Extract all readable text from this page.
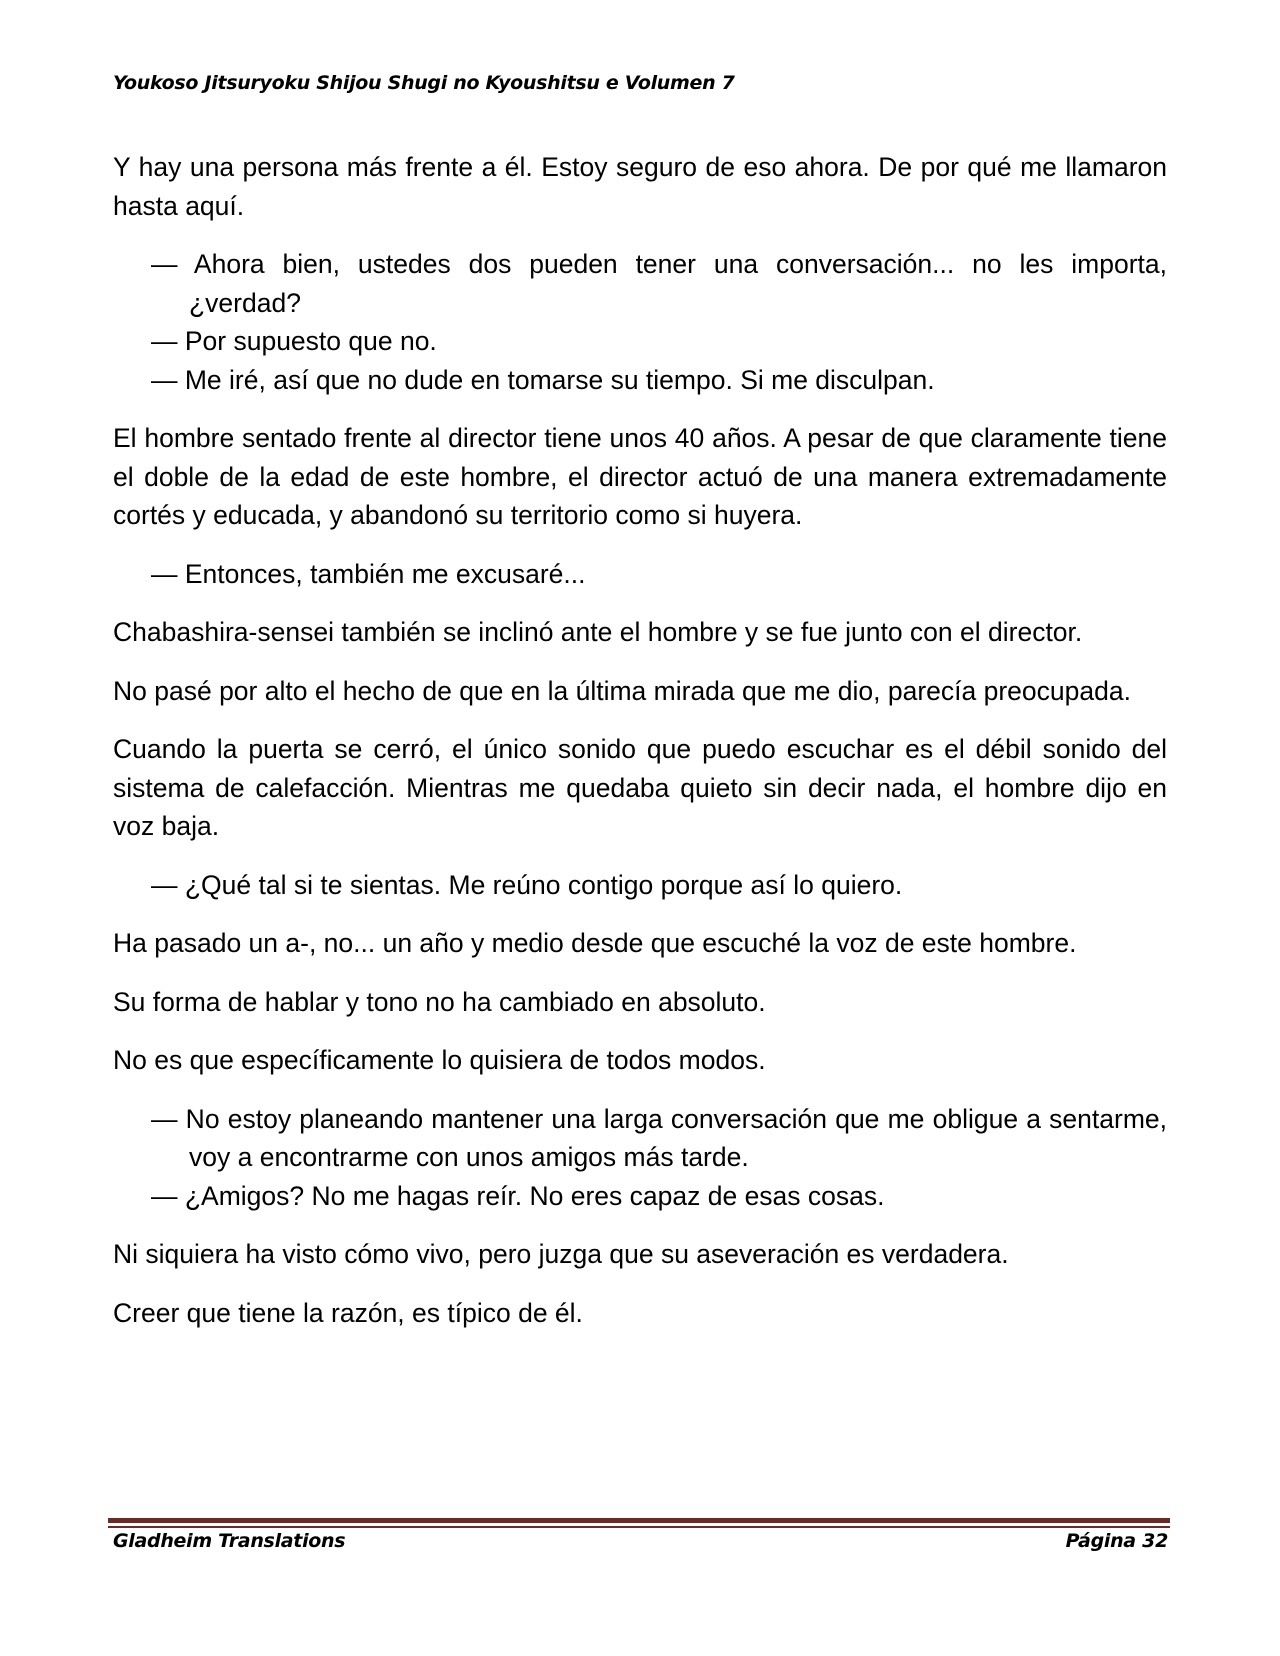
Youkoso Jitsuryoku Shijou Shugi no Kyoushitsu e Volumen 7

Y hay una persona más frente a él. Estoy seguro de eso ahora. De por qué me llamaron hasta aquí.

— Ahora bien, ustedes dos pueden tener una conversación... no les importa, ¿verdad?

— Por supuesto que no.

— Me iré, así que no dude en tomarse su tiempo. Si me disculpan.

El hombre sentado frente al director tiene unos 40 años. A pesar de que claramente tiene el doble de la edad de este hombre, el director actuó de una manera extremadamente cortés y educada, y abandonó su territorio como si huyera.

— Entonces, también me excusaré...

Chabashira-sensei también se inclinó ante el hombre y se fue junto con el director.

No pasé por alto el hecho de que en la última mirada que me dio, parecía preocupada.

Cuando la puerta se cerró, el único sonido que puedo escuchar es el débil sonido del sistema de calefacción. Mientras me quedaba quieto sin decir nada, el hombre dijo en voz baja.

— ¿Qué tal si te sientas. Me reúno contigo porque así lo quiero.

Ha pasado un a-, no... un año y medio desde que escuché la voz de este hombre.

Su forma de hablar y tono no ha cambiado en absoluto.

No es que específicamente lo quisiera de todos modos.

— No estoy planeando mantener una larga conversación que me obligue a sentarme, voy a encontrarme con unos amigos más tarde.

— ¿Amigos? No me hagas reír. No eres capaz de esas cosas.

Ni siquiera ha visto cómo vivo, pero juzga que su aseveración es verdadera.

Creer que tiene la razón, es típico de él.

Gladheim Translations	Página 32
